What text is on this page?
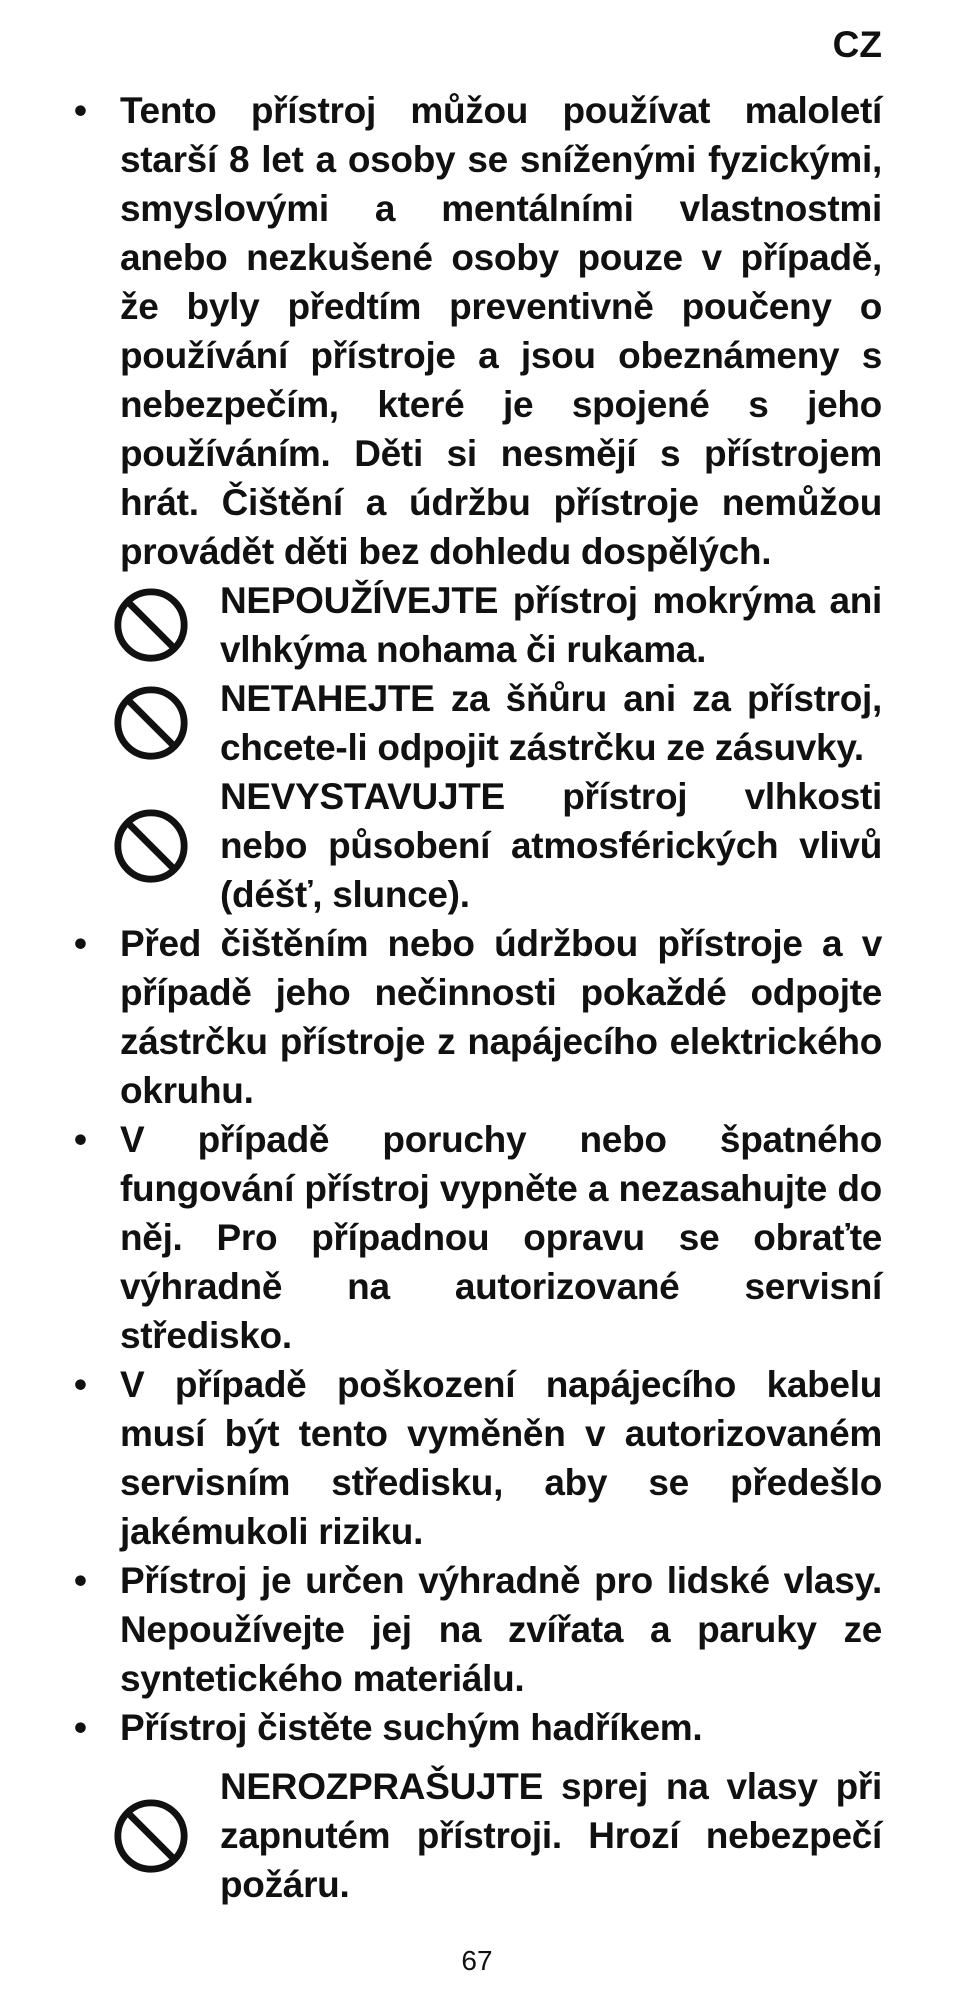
CZ
• Tento přístroj můžou používat maloletí starší 8 let a osoby se sníženými fyzickými, smyslovými a mentálními vlastnostmi anebo nezkušené osoby pouze v případě, že byly předtím preventivně poučeny o používání přístroje a jsou obeznámeny s nebezpečím, které je spojené s jeho používáním. Děti si nesmějí s přístrojem hrát. Čištění a údržbu přístroje nemůžou provádět děti bez dohledu dospělých.
NEPOUŽÍVEJTE přístroj mokrýma ani vlhkýma nohama či rukama.
NETAHEJTE za šňůru ani za přístroj, chcete-li odpojit zástrčku ze zásuvky.
NEVYSTAVUJTE přístroj vlhkosti nebo působení atmosférických vlivů (déšť, slunce).
• Před čištěním nebo údržbou přístroje a v případě jeho nečinnosti pokaždé odpojte zástrčku přístroje z napájecího elektrického okruhu.
• V případě poruchy nebo špatného fungování přístroj vypněte a nezasahujte do něj. Pro případnou opravu se obraťte výhradně na autorizované servisní středisko.
• V případě poškození napájecího kabelu musí být tento vyměněn v autorizovaném servisním středisku, aby se předešlo jakémukoli riziku.
• Přístroj je určen výhradně pro lidské vlasy. Nepoužívejte jej na zvířata a paruky ze syntetického materiálu.
• Přístroj čistěte suchým hadříkem.
NEROZPRAŠUJTE sprej na vlasy při zapnutém přístroji. Hrozí nebezpečí požáru.
67
